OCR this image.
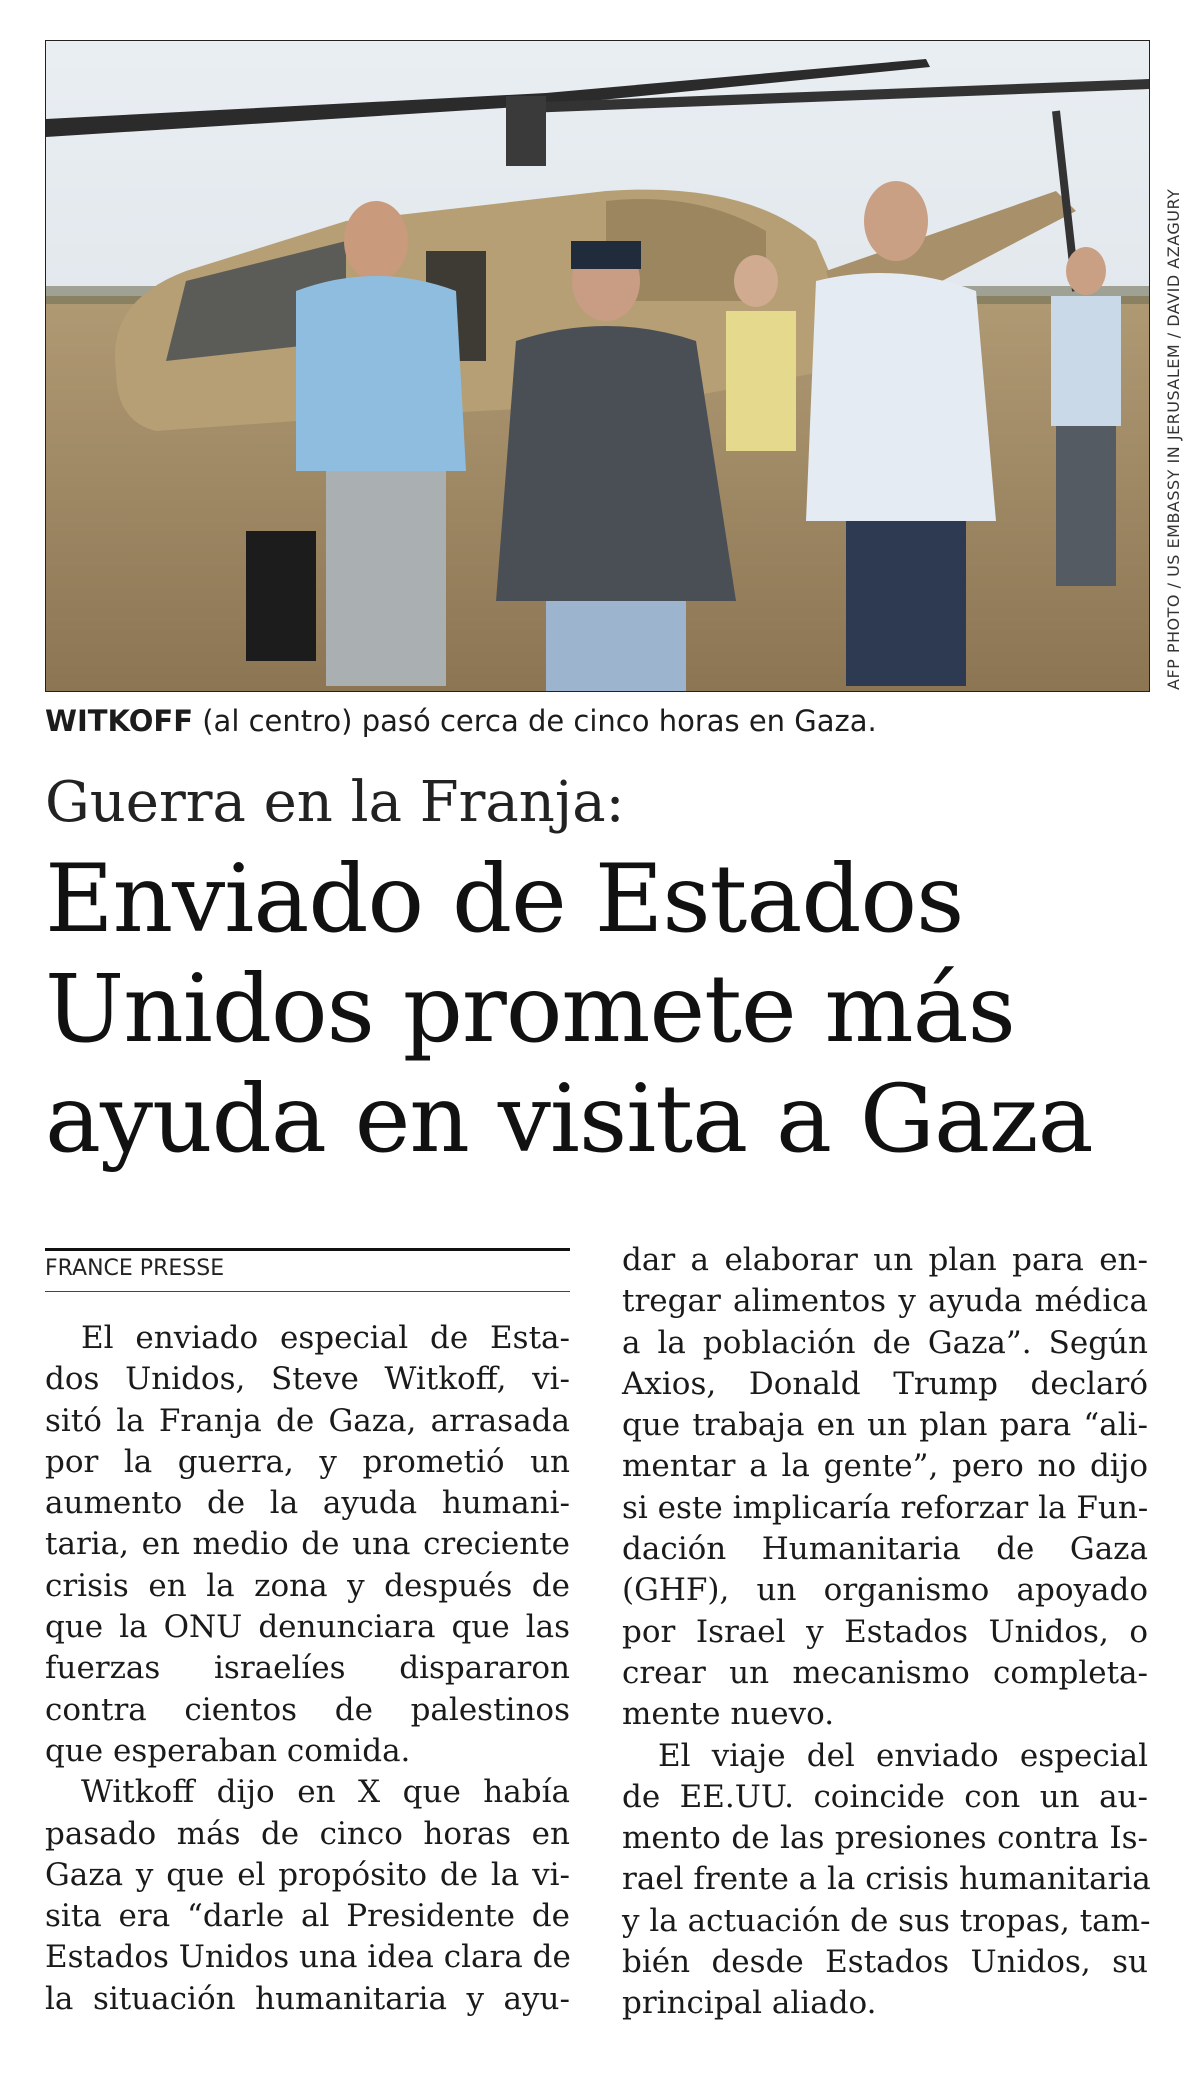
AFP PHOTO / US EMBASSY IN JERUSALEM / DAVID AZAGURY
WITKOFF (al centro) pasó cerca de cinco horas en Gaza.
Guerra en la Franja:
Enviado de Estados
Unidos promete más
ayuda en visita a Gaza
FRANCE PRESSE
El enviado especial de Esta-
dos Unidos, Steve Witkoff, vi-
sitó la Franja de Gaza, arrasada
por la guerra, y prometió un
aumento de la ayuda humani-
taria, en medio de una creciente
crisis en la zona y después de
que la ONU denunciara que las
fuerzas israelíes dispararon
contra cientos de palestinos
que esperaban comida.
Witkoff dijo en X que había
pasado más de cinco horas en
Gaza y que el propósito de la vi-
sita era “darle al Presidente de
Estados Unidos una idea clara de
la situación humanitaria y ayu-
dar a elaborar un plan para en-
tregar alimentos y ayuda médica
a la población de Gaza”. Según
Axios, Donald Trump declaró
que trabaja en un plan para “ali-
mentar a la gente”, pero no dijo
si este implicaría reforzar la Fun-
dación Humanitaria de Gaza
(GHF), un organismo apoyado
por Israel y Estados Unidos, o
crear un mecanismo completa-
mente nuevo.
El viaje del enviado especial
de EE.UU. coincide con un au-
mento de las presiones contra Is-
rael frente a la crisis humanitaria
y la actuación de sus tropas, tam-
bién desde Estados Unidos, su
principal aliado.
